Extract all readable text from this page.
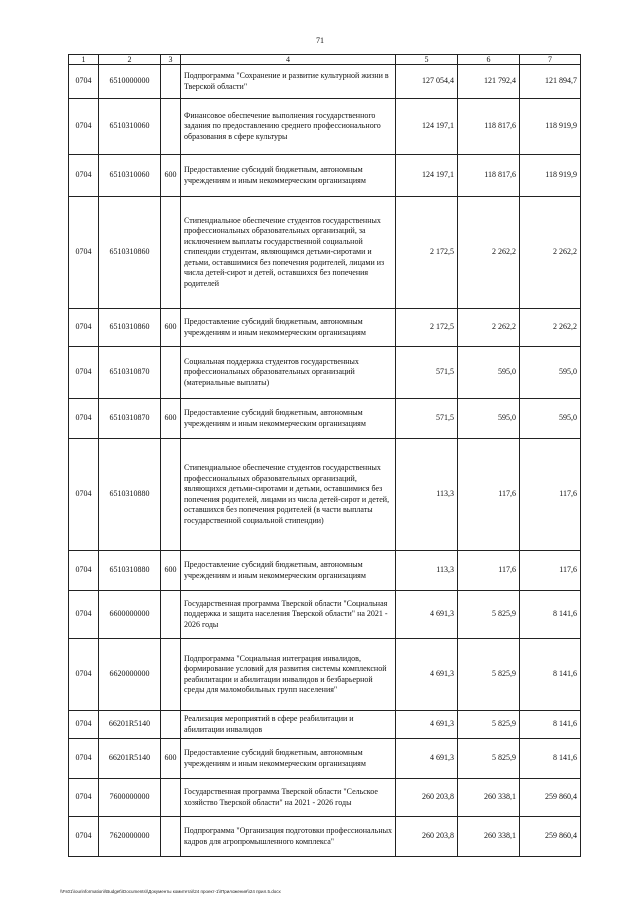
71
1	2	3	4	5	6	7
0704	6510000000		Подпрограмма "Сохранение и развитие культурной жизни в Тверской области"	127 054,4	121 792,4	121 894,7
0704	6510310060		Финансовое обеспечение выполнения государственного задания по предоставлению среднего профессионального образования в сфере культуры	124 197,1	118 817,6	118 919,9
0704	6510310060	600	Предоставление субсидий бюджетным, автономным учреждениям и иным некоммерческим организациям	124 197,1	118 817,6	118 919,9
0704	6510310860		Стипендиальное обеспечение студентов государственных профессиональных образовательных организаций, за исключением выплаты государственной социальной стипендии студентам, являющимся детьми-сиротами и детьми, оставшимися без попечения родителей, лицами из числа детей-сирот и детей, оставшихся без попечения родителей	2 172,5	2 262,2	2 262,2
0704	6510310860	600	Предоставление субсидий бюджетным, автономным учреждениям и иным некоммерческим организациям	2 172,5	2 262,2	2 262,2
0704	6510310870		Социальная поддержка студентов государственных профессиональных образовательных организаций (материальные выплаты)	571,5	595,0	595,0
0704	6510310870	600	Предоставление субсидий бюджетным, автономным учреждениям и иным некоммерческим организациям	571,5	595,0	595,0
0704	6510310880		Стипендиальное обеспечение студентов государственных профессиональных образовательных организаций, являющихся детьми-сиротами и детьми, оставшимися без попечения родителей, лицами из числа детей-сирот и детей, оставшихся без попечения родителей (в части выплаты государственной социальной стипендии)	113,3	117,6	117,6
0704	6510310880	600	Предоставление субсидий бюджетным, автономным учреждениям и иным некоммерческим организациям	113,3	117,6	117,6
0704	6600000000		Государственная программа Тверской области "Социальная поддержка и защита населения Тверской области" на 2021 - 2026 годы	4 691,3	5 825,9	8 141,6
0704	6620000000		Подпрограмма "Социальная интеграция инвалидов, формирование условий для развития системы комплексной реабилитации и абилитации инвалидов и безбарьерной среды для маломобильных групп населения"	4 691,3	5 825,9	8 141,6
0704	66201R5140		Реализация мероприятий в сфере реабилитации и абилитации инвалидов	4 691,3	5 825,9	8 141,6
0704	66201R5140	600	Предоставление субсидий бюджетным, автономным учреждениям и иным некоммерческим организациям	4 691,3	5 825,9	8 141,6
0704	7600000000		Государственная программа Тверской области "Сельское хозяйство Тверской области" на 2021 - 2026 годы	260 203,8	260 338,1	259 860,4
0704	7620000000		Подпрограмма "Организация подготовки профессиональных кадров для агропромышленного комплекса"	260 203,8	260 338,1	259 860,4
\\Fs01\\ourinformation\\Budget\\Documents\\Документы комитета\\24 проект-1\\Приложения\\24 прил.5.docx
